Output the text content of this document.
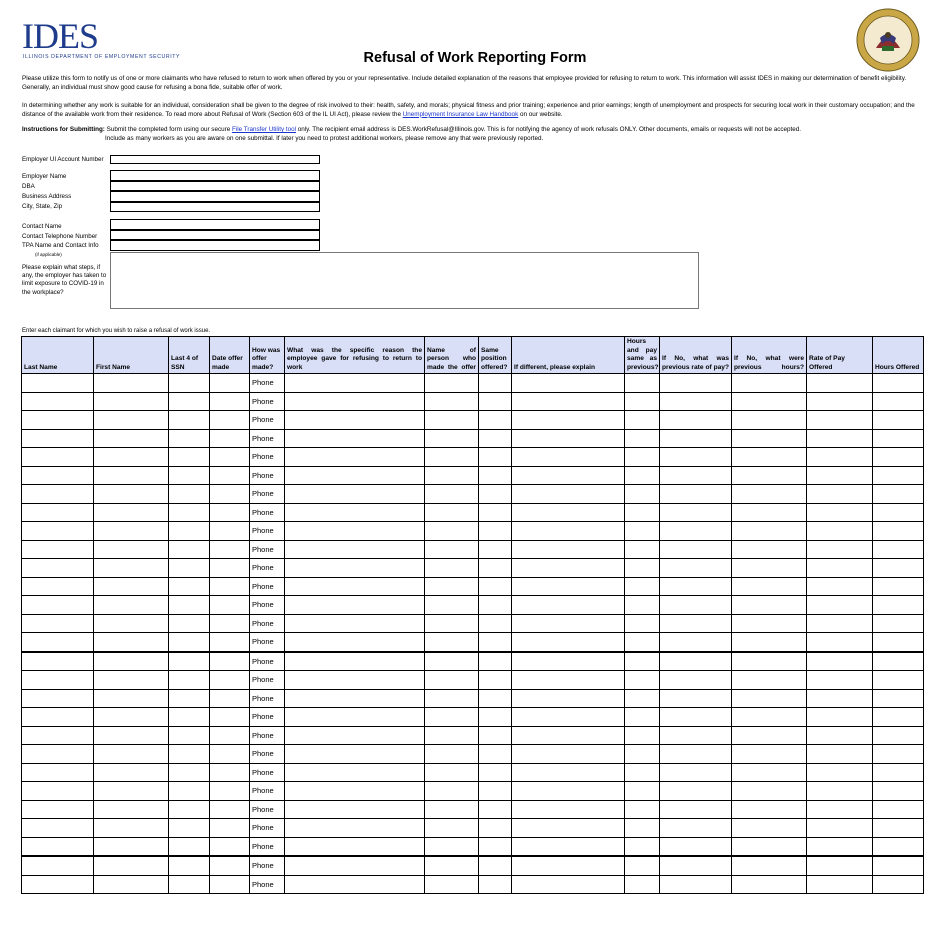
IDES
ILLINOIS DEPARTMENT OF EMPLOYMENT SECURITY	Refusal of Work Reporting Form
Please utilize this form to notify us of one or more claimants who have refused to return to work when offered by you or your representative. Include detailed explanation of the reasons that employee provided for refusing to return to work. This information will assist IDES in making our determination of benefit eligibility. Generally, an individual must show good cause for refusing a bona fide, suitable offer of work.
In determining whether any work is suitable for an individual, consideration shall be given to the degree of risk involved to their: health, safety, and morals; physical fitness and prior training; experience and prior earnings; length of unemployment and prospects for securing local work in their customary occupation; and the distance of the available work from their residence. To read more about Refusal of Work (Section 603 of the IL UI Act), please review the Unemployment Insurance Law Handbook on our website.
Instructions for Submitting: Submit the completed form using our secure File Transfer Utility tool only. The recipient email address is DES.WorkRefusal@Illinois.gov. This is for notifying the agency of work refusals ONLY. Other documents, emails or requests will not be accepted.
Include as many workers as you are aware on one submittal. If later you need to protest additional workers, please remove any that were previously reported.
Employer UI Account Number
Employer Name
DBA
Business Address
City, State, Zip
Contact Name
Contact Telephone Number
TPA Name and Contact Info
(if applicable)
Please explain what steps, if any, the employer has taken to limit exposure to COVID-19 in the workplace?
Enter each claimant for which you wish to raise a refusal of work issue.
Last Name	First Name	Last 4 of SSN	Date offer made	How was offer made?	What was the specific reason the employee gave for refusing to return to work	Name of person who made the offer	Same position offered?	If different, please explain	Hours and pay same as previous?	If No, what was previous rate of pay?	If No, what were previous hours?	Rate of Pay Offered	Hours Offered
				Phone									
				Phone									
				Phone									
				Phone									
				Phone									
				Phone									
				Phone									
				Phone									
				Phone									
				Phone									
				Phone									
				Phone									
				Phone									
				Phone									
				Phone									
				Phone									
				Phone									
				Phone									
				Phone									
				Phone									
				Phone									
				Phone									
				Phone									
				Phone									
				Phone									
				Phone									
				Phone									
				Phone									
